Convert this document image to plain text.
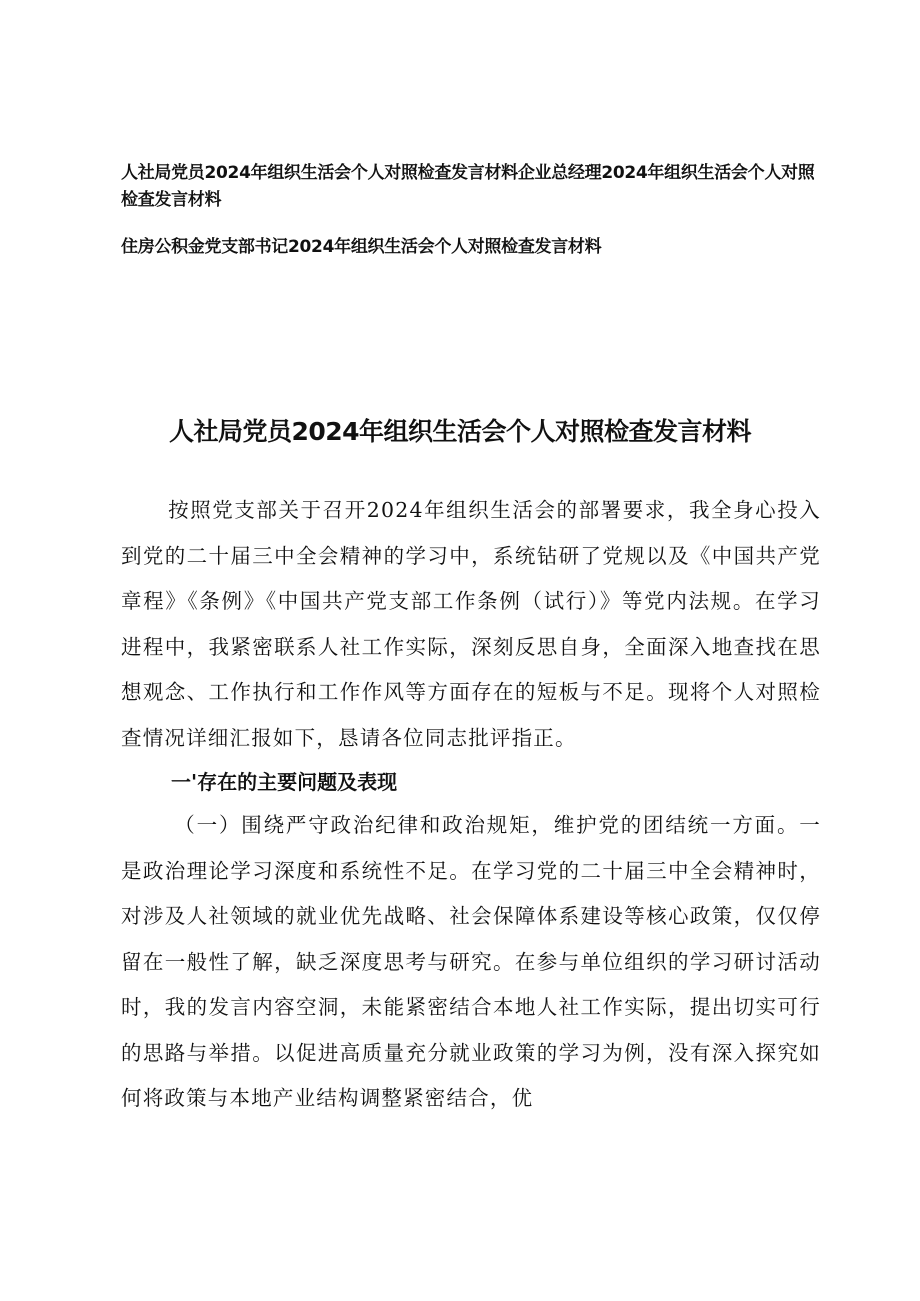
人社局党员2024年组织生活会个人对照检查发言材料企业总经理2024年组织生活会个人对照检查发言材料

住房公积金党支部书记2024年组织生活会个人对照检查发言材料

人社局党员2024年组织生活会个人对照检查发言材料

按照党支部关于召开2024年组织生活会的部署要求，我全身心投入到党的二十届三中全会精神的学习中，系统钻研了党规以及《中国共产党章程》《条例》《中国共产党支部工作条例（试行）》等党内法规。在学习进程中，我紧密联系人社工作实际，深刻反思自身，全面深入地查找在思想观念、工作执行和工作作风等方面存在的短板与不足。现将个人对照检查情况详细汇报如下，恳请各位同志批评指正。

一'存在的主要问题及表现

（一）围绕严守政治纪律和政治规矩，维护党的团结统一方面。一是政治理论学习深度和系统性不足。在学习党的二十届三中全会精神时，对涉及人社领域的就业优先战略、社会保障体系建设等核心政策，仅仅停留在一般性了解，缺乏深度思考与研究。在参与单位组织的学习研讨活动时，我的发言内容空洞，未能紧密结合本地人社工作实际，提出切实可行的思路与举措。以促进高质量充分就业政策的学习为例，没有深入探究如何将政策与本地产业结构调整紧密结合，优
